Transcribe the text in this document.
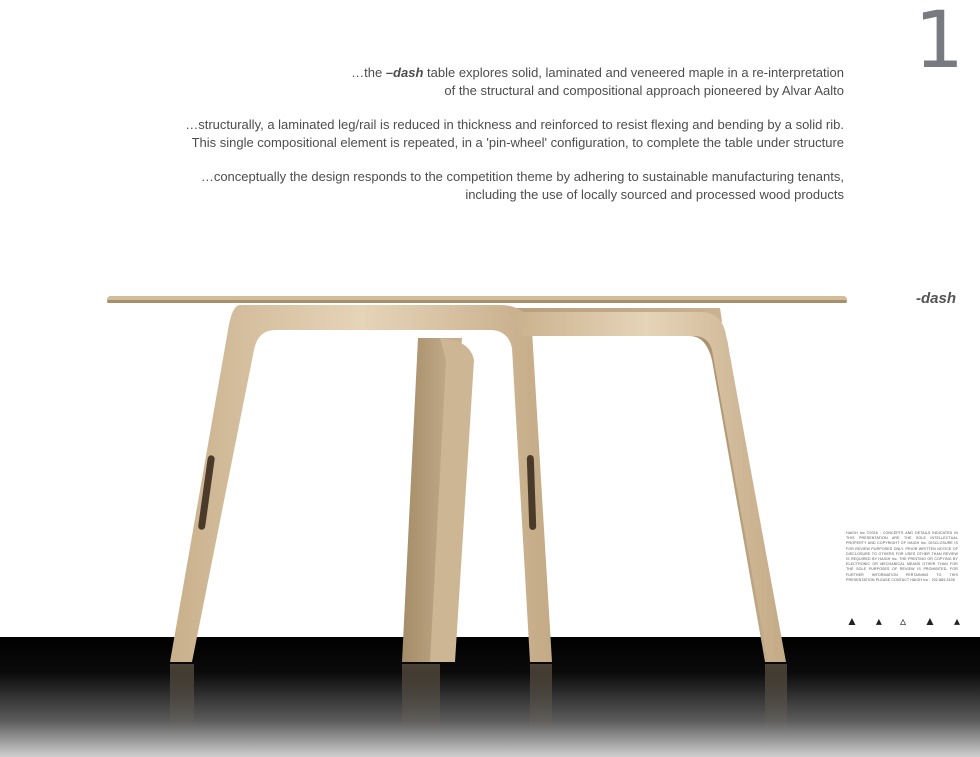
1

…the –dash table explores solid, laminated and veneered maple in a re-interpretation
of the structural and compositional approach pioneered by Alvar Aalto

…structurally, a laminated leg/rail is reduced in thickness and reinforced to resist flexing and bending by a solid rib.
This single compositional element is repeated, in a 'pin-wheel' configuration, to complete the table under structure

…conceptually the design responds to the competition theme by adhering to sustainable manufacturing tenants,
including the use of locally sourced and processed wood products

-dash
HAIGH Inc ©2016 : CONCEPTS AND DETAILS INDICATED IN THIS PRESENTATION ARE THE SOLE INTELLECTUAL PROPERTY AND COPYRIGHT OF HAIGH Inc. DISCLOSURE IS FOR REVIEW PURPOSES ONLY. PRIOR WRITTEN NOTICE OF DISCLOSURE TO OTHERS FOR USES OTHER THAN REVIEW IS REQUIRED BY HAIGH Inc. THE PRINTING OR COPYING BY ELECTRONIC OR MECHANICAL MEANS OTHER THAN FOR THE SOLE PURPOSES OF REVIEW IS PROHIBITED. FOR FURTHER INFORMATION PERTAINING TO THIS PRESENTATION PLEASE CONTACT HAIGH Inc : 202.869.3495
▲ ▴ ▵ ▲ ▴
